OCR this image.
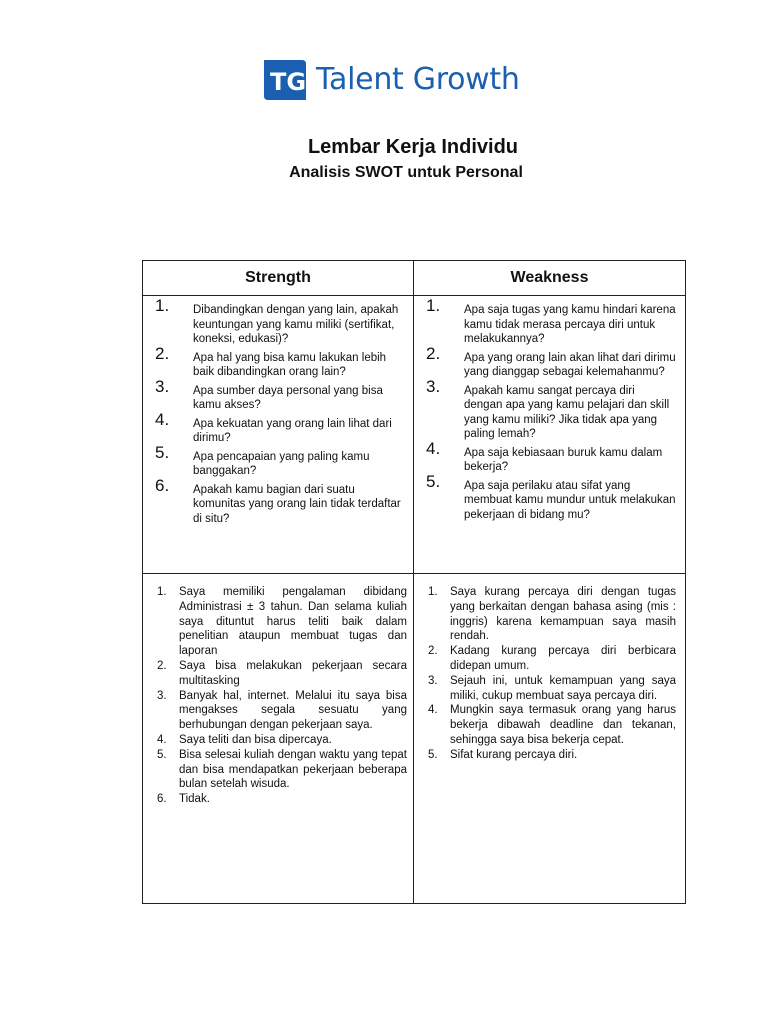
TG Talent Growth
Lembar Kerja Individu
Analisis SWOT untuk Personal
Strength	Weakness
1. Dibandingkan dengan yang lain, apakah keuntungan yang kamu miliki (sertifikat, koneksi, edukasi)?
2. Apa hal yang bisa kamu lakukan lebih baik dibandingkan orang lain?
3. Apa sumber daya personal yang bisa kamu akses?
4. Apa kekuatan yang orang lain lihat dari dirimu?
5. Apa pencapaian yang paling kamu banggakan?
6. Apakah kamu bagian dari suatu komunitas yang orang lain tidak terdaftar di situ?
1. Apa saja tugas yang kamu hindari karena kamu tidak merasa percaya diri untuk melakukannya?
2. Apa yang orang lain akan lihat dari dirimu yang dianggap sebagai kelemahanmu?
3. Apakah kamu sangat percaya diri dengan apa yang kamu pelajari dan skill yang kamu miliki? Jika tidak apa yang paling lemah?
4. Apa saja kebiasaan buruk kamu dalam bekerja?
5. Apa saja perilaku atau sifat yang membuat kamu mundur untuk melakukan pekerjaan di bidang mu?
1. Saya memiliki pengalaman dibidang Administrasi ± 3 tahun. Dan selama kuliah saya dituntut harus teliti baik dalam penelitian ataupun membuat tugas dan laporan
2. Saya bisa melakukan pekerjaan secara multitasking
3. Banyak hal, internet. Melalui itu saya bisa mengakses segala sesuatu yang berhubungan dengan pekerjaan saya.
4. Saya teliti dan bisa dipercaya.
5. Bisa selesai kuliah dengan waktu yang tepat dan bisa mendapatkan pekerjaan beberapa bulan setelah wisuda.
6. Tidak.
1. Saya kurang percaya diri dengan tugas yang berkaitan dengan bahasa asing (mis : inggris) karena kemampuan saya masih rendah.
2. Kadang kurang percaya diri berbicara didepan umum.
3. Sejauh ini, untuk kemampuan yang saya miliki, cukup membuat saya percaya diri.
4. Mungkin saya termasuk orang yang harus bekerja dibawah deadline dan tekanan, sehingga saya bisa bekerja cepat.
5. Sifat kurang percaya diri.
